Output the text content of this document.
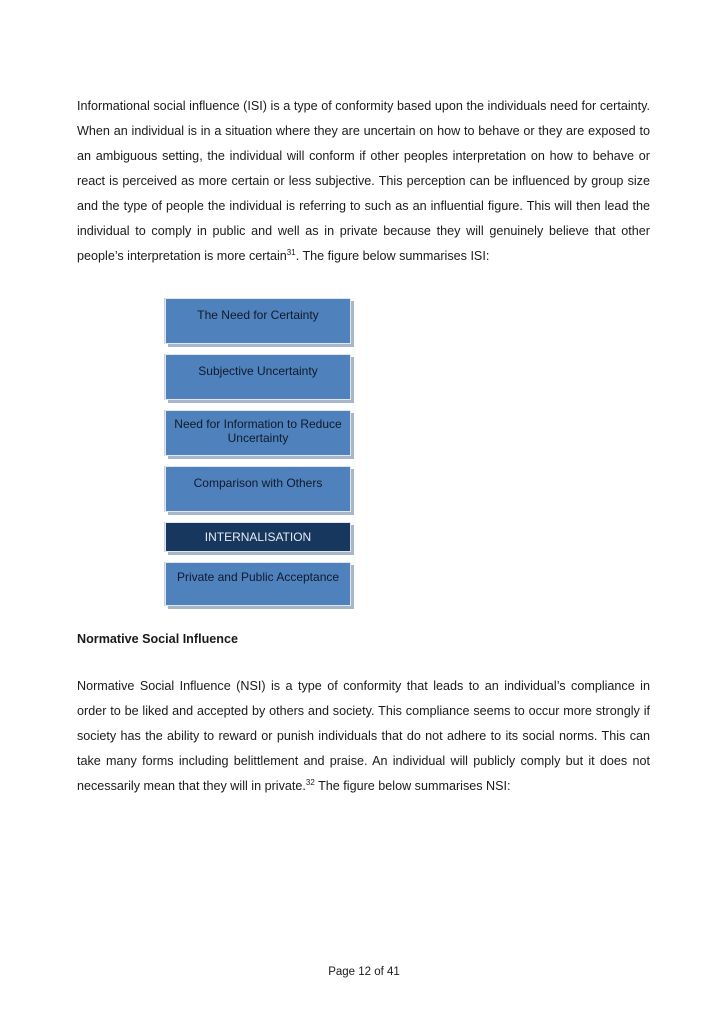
Informational social influence (ISI) is a type of conformity based upon the individuals need for certainty. When an individual is in a situation where they are uncertain on how to behave or they are exposed to an ambiguous setting, the individual will conform if other peoples interpretation on how to behave or react is perceived as more certain or less subjective. This perception can be influenced by group size and the type of people the individual is referring to such as an influential figure. This will then lead the individual to comply in public and well as in private because they will genuinely believe that other people’s interpretation is more certain$^{31}$. The figure below summarises ISI:

The Need for Certainty
Subjective Uncertainty
Need for Information to Reduce Uncertainty
Comparison with Others
INTERNALISATION
Private and Public Acceptance

Normative Social Influence

Normative Social Influence (NSI) is a type of conformity that leads to an individual’s compliance in order to be liked and accepted by others and society. This compliance seems to occur more strongly if society has the ability to reward or punish individuals that do not adhere to its social norms. This can take many forms including belittlement and praise. An individual will publicly comply but it does not necessarily mean that they will in private.$^{32}$ The figure below summarises NSI:

Page 12 of 41
